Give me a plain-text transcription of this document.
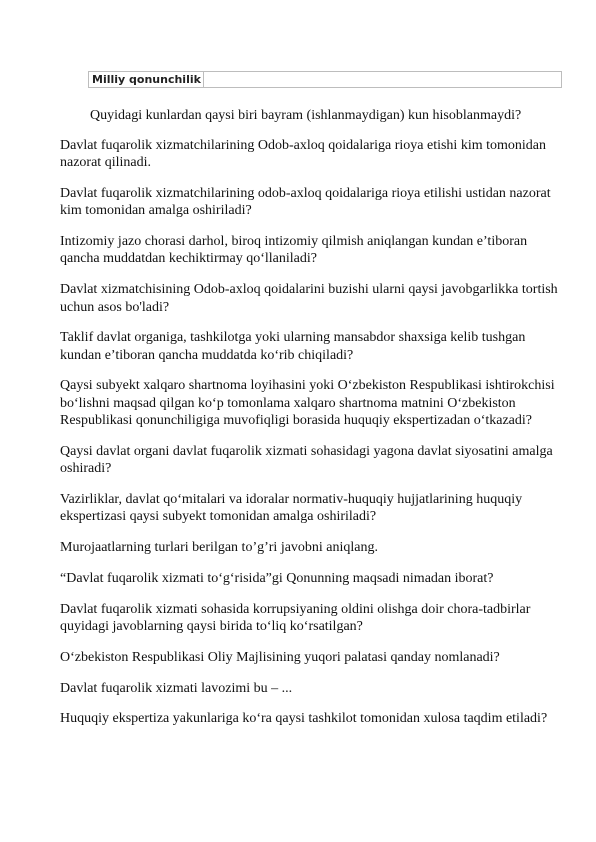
Milliy qonunchilik

Quyidagi kunlardan qaysi biri bayram (ishlanmaydigan) kun hisoblanmaydi?

Davlat fuqarolik xizmatchilarining Odob-axloq qoidalariga rioya etishi kim tomonidan nazorat qilinadi.
Davlat fuqarolik xizmatchilarining odob-axloq qoidalariga rioya etilishi ustidan nazorat kim tomonidan amalga oshiriladi?
Intizomiy jazo chorasi darhol, biroq intizomiy qilmish aniqlangan kundan e’tiboran qancha muddatdan kechiktirmay qo‘llaniladi?
Davlat xizmatchisining Odob-axloq qoidalarini buzishi ularni qaysi javobgarlikka tortish uchun asos bo'ladi?
Taklif davlat organiga, tashkilotga yoki ularning mansabdor shaxsiga kelib tushgan kundan e’tiboran qancha muddatda ko‘rib chiqiladi?
Qaysi subyekt xalqaro shartnoma loyihasini yoki O‘zbekiston Respublikasi ishtirokchisi bo‘lishni maqsad qilgan ko‘p tomonlama xalqaro shartnoma matnini O‘zbekiston Respublikasi qonunchiligiga muvofiqligi borasida huquqiy ekspertizadan o‘tkazadi?
Qaysi davlat organi davlat fuqarolik xizmati sohasidagi yagona davlat siyosatini amalga oshiradi?
Vazirliklar, davlat qo‘mitalari va idoralar normativ-huquqiy hujjatlarining huquqiy ekspertizasi qaysi subyekt tomonidan amalga oshiriladi?
Murojaatlarning turlari berilgan to’g’ri javobni aniqlang.
“Davlat fuqarolik xizmati to‘g‘risida”gi Qonunning maqsadi nimadan iborat?
Davlat fuqarolik xizmati sohasida korrupsiyaning oldini olishga doir chora-tadbirlar quyidagi javoblarning qaysi birida to‘liq ko‘rsatilgan?
O‘zbekiston Respublikasi Oliy Majlisining yuqori palatasi qanday nomlanadi?
Davlat fuqarolik xizmati lavozimi bu – ...
Huquqiy ekspertiza yakunlariga ko‘ra qaysi tashkilot tomonidan xulosa taqdim etiladi?
